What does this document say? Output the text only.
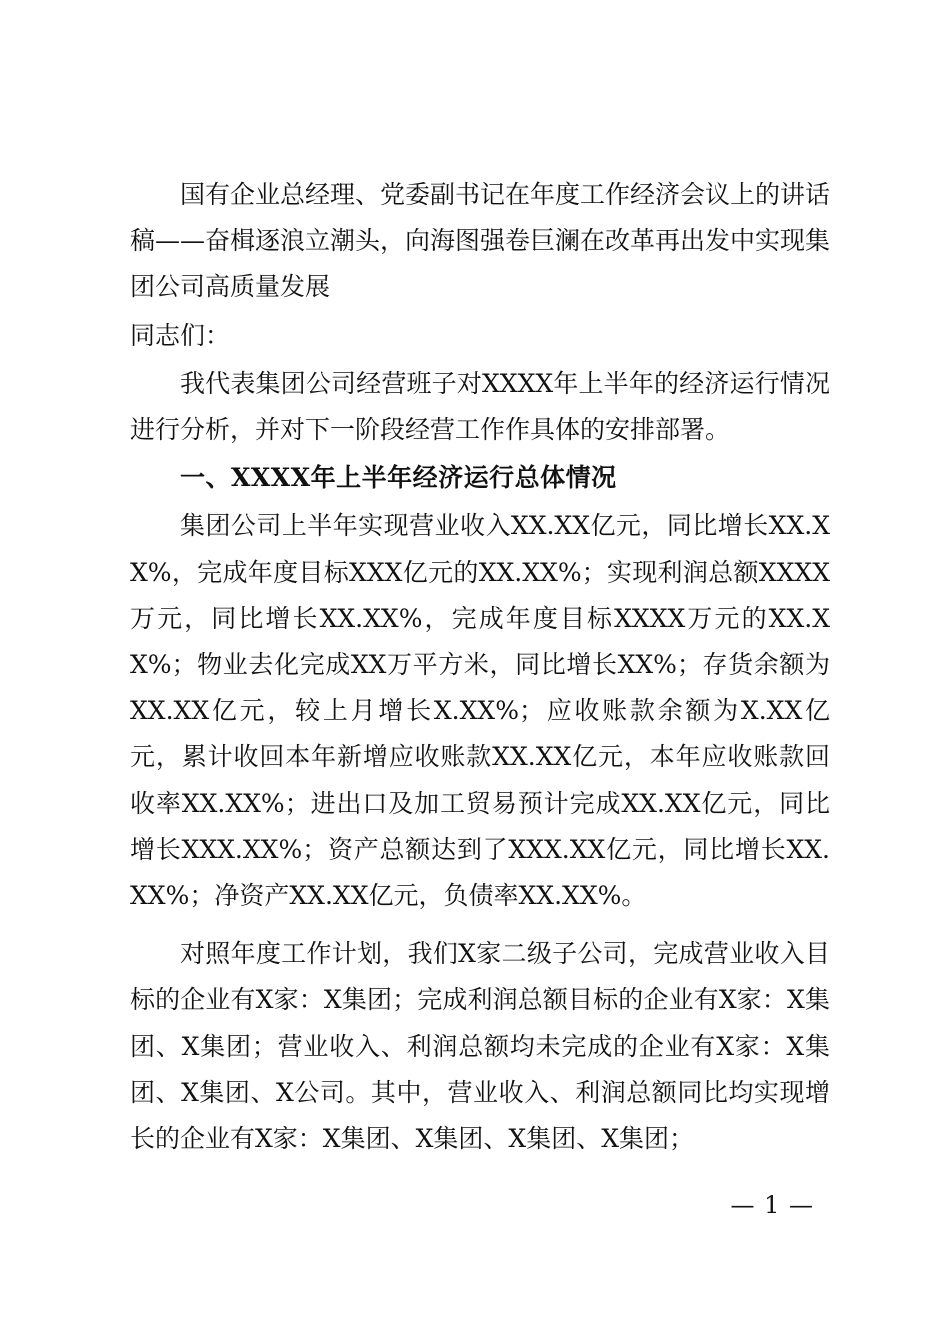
国有企业总经理、党委副书记在年度工作经济会议上的讲话稿——奋楫逐浪立潮头，向海图强卷巨澜在改革再出发中实现集团公司高质量发展

同志们：

我代表集团公司经营班子对XXXX年上半年的经济运行情况进行分析，并对下一阶段经营工作作具体的安排部署。

一、XXXX年上半年经济运行总体情况

集团公司上半年实现营业收入XX.XX亿元，同比增长XX.XX%，完成年度目标XXX亿元的XX.XX%；实现利润总额XXXX万元，同比增长XX.XX%，完成年度目标XXXX万元的XX.XX%；物业去化完成XX万平方米，同比增长XX%；存货余额为XX.XX亿元，较上月增长X.XX%；应收账款余额为X.XX亿元，累计收回本年新增应收账款XX.XX亿元，本年应收账款回收率XX.XX%；进出口及加工贸易预计完成XX.XX亿元，同比增长XXX.XX%；资产总额达到了XXX.XX亿元，同比增长XX.XX%；净资产XX.XX亿元，负债率XX.XX%。

对照年度工作计划，我们X家二级子公司，完成营业收入目标的企业有X家：X集团；完成利润总额目标的企业有X家：X集团、X集团；营业收入、利润总额均未完成的企业有X家：X集团、X集团、X公司。其中，营业收入、利润总额同比均实现增长的企业有X家：X集团、X集团、X集团、X集团；

— 1 —
